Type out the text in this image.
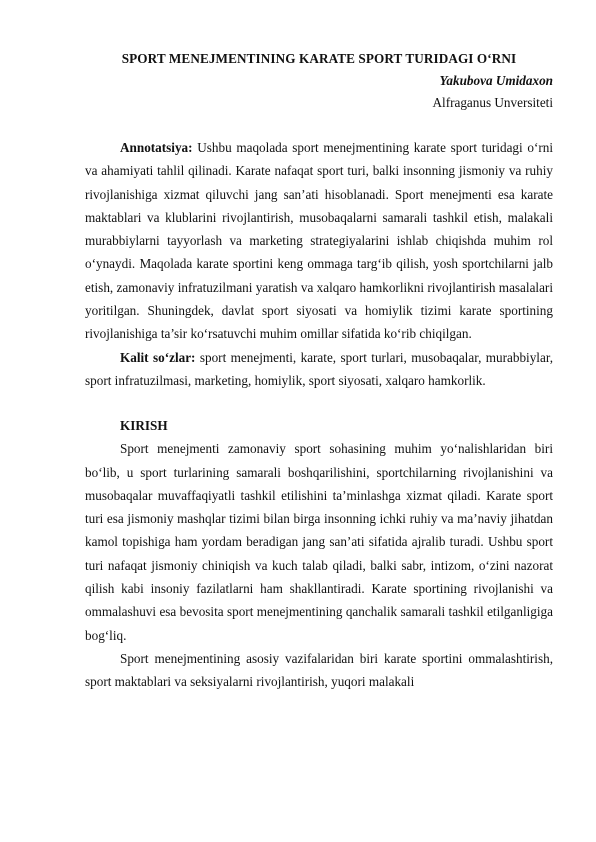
SPORT MENEJMENTINING KARATE SPORT TURIDAGI O‘RNI
Yakubova Umidaxon
Alfraganus Unversiteti

Annotatsiya: Ushbu maqolada sport menejmentining karate sport turidagi o‘rni va ahamiyati tahlil qilinadi. Karate nafaqat sport turi, balki insonning jismoniy va ruhiy rivojlanishiga xizmat qiluvchi jang san’ati hisoblanadi. Sport menejmenti esa karate maktablari va klublarini rivojlantirish, musobaqalarni samarali tashkil etish, malakali murabbiylarni tayyorlash va marketing strategiyalarini ishlab chiqishda muhim rol o‘ynaydi. Maqolada karate sportini keng ommaga targ‘ib qilish, yosh sportchilarni jalb etish, zamonaviy infratuzilmani yaratish va xalqaro hamkorlikni rivojlantirish masalalari yoritilgan. Shuningdek, davlat sport siyosati va homiylik tizimi karate sportining rivojlanishiga ta’sir ko‘rsatuvchi muhim omillar sifatida ko‘rib chiqilgan.

Kalit so‘zlar: sport menejmenti, karate, sport turlari, musobaqalar, murabbiylar, sport infratuzilmasi, marketing, homiylik, sport siyosati, xalqaro hamkorlik.

KIRISH

Sport menejmenti zamonaviy sport sohasining muhim yo‘nalishlaridan biri bo‘lib, u sport turlarining samarali boshqarilishini, sportchilarning rivojlanishini va musobaqalar muvaffaqiyatli tashkil etilishini ta’minlashga xizmat qiladi. Karate sport turi esa jismoniy mashqlar tizimi bilan birga insonning ichki ruhiy va ma’naviy jihatdan kamol topishiga ham yordam beradigan jang san’ati sifatida ajralib turadi. Ushbu sport turi nafaqat jismoniy chiniqish va kuch talab qiladi, balki sabr, intizom, o‘zini nazorat qilish kabi insoniy fazilatlarni ham shakllantiradi. Karate sportining rivojlanishi va ommalashuvi esa bevosita sport menejmentining qanchalik samarali tashkil etilganligiga bog‘liq.

Sport menejmentining asosiy vazifalaridan biri karate sportini ommalashtirish, sport maktablari va seksiyalarni rivojlantirish, yuqori malakali
